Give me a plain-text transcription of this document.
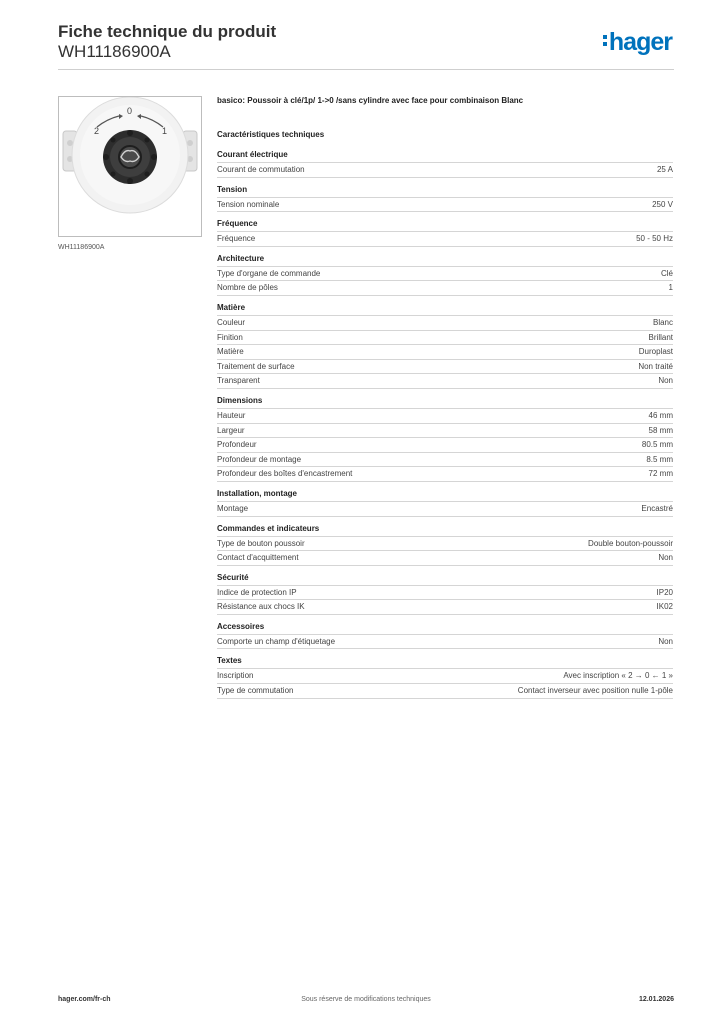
Fiche technique du produit
WH11186900A	hager
2
0
1
WH11186900A
basico: Poussoir à clé/1p/ 1->0 /sans cylindre avec face pour combinaison Blanc
Caractéristiques techniques
Courant électrique
Courant de commutation	25 A
Tension
Tension nominale	250 V
Fréquence
Fréquence	50 - 50 Hz
Architecture
Type d'organe de commande	Clé
Nombre de pôles	1
Matière
Couleur	Blanc
Finition	Brillant
Matière	Duroplast
Traitement de surface	Non traité
Transparent	Non
Dimensions
Hauteur	46 mm
Largeur	58 mm
Profondeur	80.5 mm
Profondeur de montage	8.5 mm
Profondeur des boîtes d'encastrement	72 mm
Installation, montage
Montage	Encastré
Commandes et indicateurs
Type de bouton poussoir	Double bouton-poussoir
Contact d'acquittement	Non
Sécurité
Indice de protection IP	IP20
Résistance aux chocs IK	IK02
Accessoires
Comporte un champ d'étiquetage	Non
Textes
Inscription	Avec inscription « 2 → 0 ← 1 »
Type de commutation	Contact inverseur avec position nulle 1-pôle
hager.com/fr-ch	Sous réserve de modifications techniques	12.01.2026
